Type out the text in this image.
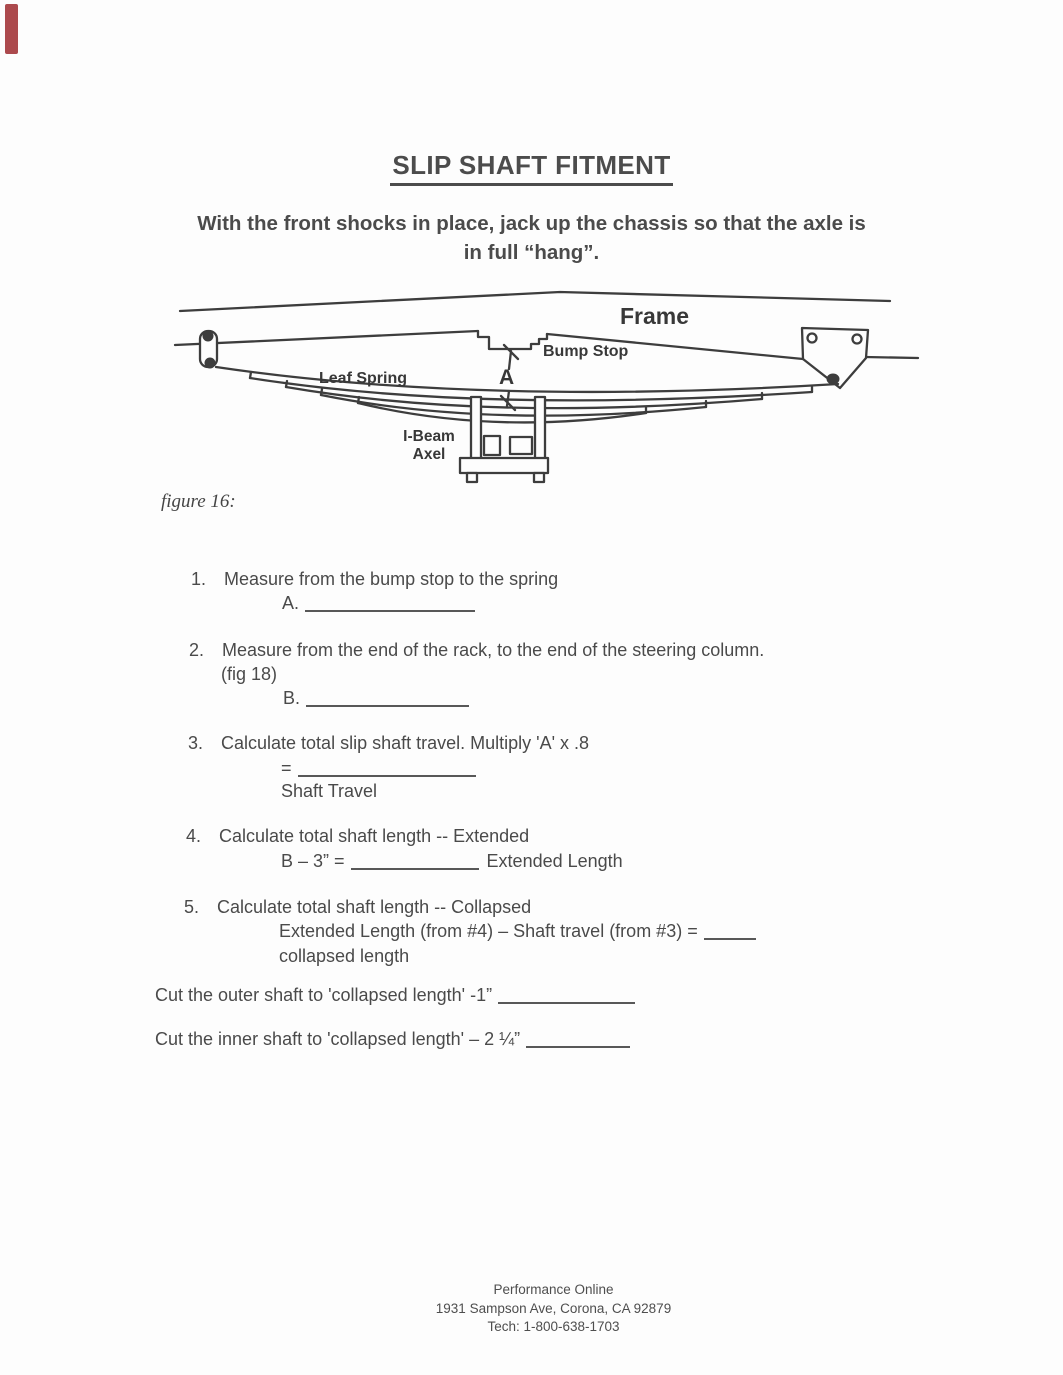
SLIP SHAFT FITMENT
With the front shocks in place, jack up the chassis so that the axle is
in full “hang”.
Frame
Bump Stop
Leaf Spring
I-Beam
Axel
A
figure 16:
1. Measure from the bump stop to the spring
A.
2. Measure from the end of the rack, to the end of the steering column.
(fig 18)
B.
3. Calculate total slip shaft travel. Multiply 'A' x .8
=
Shaft Travel
4. Calculate total shaft length -- Extended
B – 3” =	Extended Length
5. Calculate total shaft length -- Collapsed
Extended Length (from #4) – Shaft travel (from #3) =
collapsed length
Cut the outer shaft to 'collapsed length' -1”
Cut the inner shaft to 'collapsed length' – 2 ¼”
Performance Online
1931 Sampson Ave, Corona, CA 92879
Tech: 1-800-638-1703
